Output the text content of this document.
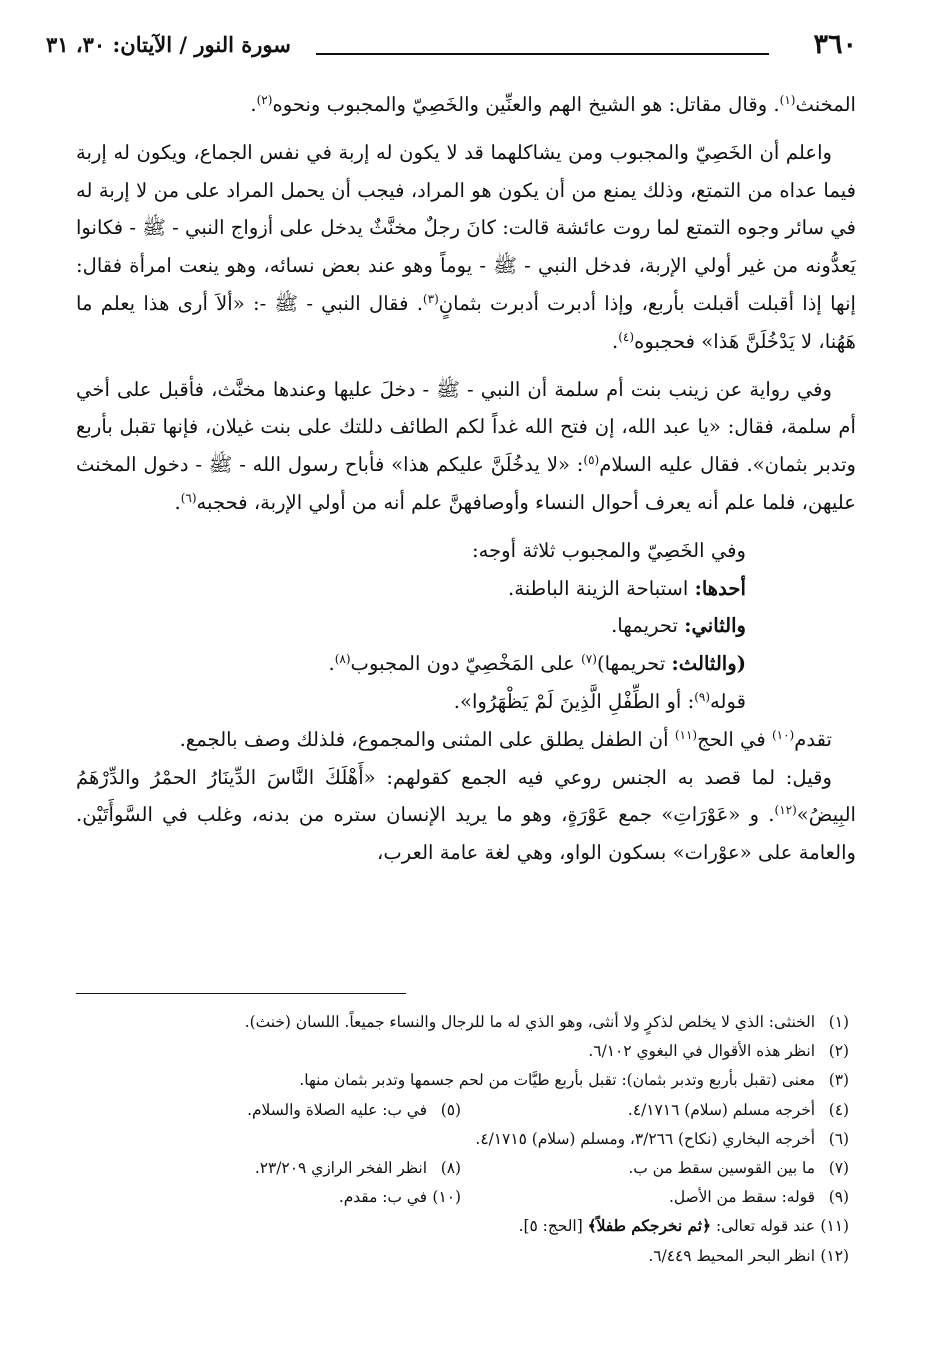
٣٦٠
سورة النور / الآيتان: ٣٠، ٣١

المخنث$^{(١)}$. وقال مقاتل: هو الشيخ الهم والعنِّين والخَصِيّ والمجبوب ونحوه$^{(٢)}$.

واعلم أن الخَصِيّ والمجبوب ومن يشاكلهما قد لا يكون له إربة في نفس الجماع، ويكون له إربة فيما عداه من التمتع، وذلك يمنع من أن يكون هو المراد، فيجب أن يحمل المراد على من لا إربة له في سائر وجوه التمتع لما روت عائشة قالت: كانَ رجلٌ مخنَّثٌ يدخل على أزواج النبي - ﷺ - فكانوا يَعدُّونه من غير أولي الإربة، فدخل النبي - ﷺ - يوماً وهو عند بعض نسائه، وهو ينعت امرأة فقال: إنها إذا أقبلت أقبلت بأربع، وإذا أدبرت أدبرت بثمانٍ$^{(٣)}$. فقال النبي - ﷺ -: «ألاَ أرى هذا يعلم ما هَهُنا، لا يَدْخُلَنَّ هَذا» فحجبوه$^{(٤)}$.

وفي رواية عن زينب بنت أم سلمة أن النبي - ﷺ - دخلَ عليها وعندها مخنَّث، فأقبل على أخي أم سلمة، فقال: «يا عبد الله، إن فتح الله غداً لكم الطائف دللتك على بنت غيلان، فإنها تقبل بأربع وتدبر بثمان». فقال عليه السلام$^{(٥)}$: «لا يدخُلَنَّ عليكم هذا» فأباح رسول الله - ﷺ - دخول المخنث عليهن، فلما علم أنه يعرف أحوال النساء وأوصافهنَّ علم أنه من أولي الإربة، فحجبه$^{(٦)}$.

وفي الخَصِيّ والمجبوب ثلاثة أوجه:

أحدها: استباحة الزينة الباطنة.

والثاني: تحريمها.

(والثالث: تحريمها)$^{(٧)}$ على المَخْصِيّ دون المجبوب$^{(٨)}$.

قوله$^{(٩)}$: أو الطِّفْلِ الَّذِينَ لَمْ يَظْهَرُوا».

تقدم$^{(١٠)}$ في الحج$^{(١١)}$ أن الطفل يطلق على المثنى والمجموع، فلذلك وصف بالجمع.

وقيل: لما قصد به الجنس روعي فيه الجمع كقولهم: «أَهْلَكَ النَّاسَ الدِّينَارُ الحمْرُ والدِّرْهَمُ البِيضُ»$^{(١٢)}$. و «عَوْرَاتِ» جمع عَوْرَةٍ، وهو ما يريد الإنسان ستره من بدنه، وغلب في السَّوأَتَيْن. والعامة على «عوْرات» بسكون الواو، وهي لغة عامة العرب،

(١)الخنثى: الذي لا يخلص لذكرٍ ولا أنثى، وهو الذي له ما للرجال والنساء جميعاً. اللسان (خنث).

(٢)انظر هذه الأقوال في البغوي ٦/١٠٢.

(٣)معنى (تقبل بأربع وتدبر بثمان): تقبل بأربع طيَّات من لحم جسمها وتدبر بثمان منها.

(٤)أخرجه مسلم (سلام) ٤/١٧١٦.(٥)في ب: عليه الصلاة والسلام.

(٦)أخرجه البخاري (نكاح) ٣/٢٦٦، ومسلم (سلام) ٤/١٧١٥.

(٧)ما بين القوسين سقط من ب.(٨)انظر الفخر الرازي ٢٣/٢٠٩.

(٩)قوله: سقط من الأصل.(١٠)في ب: مقدم.

(١١)عند قوله تعالى: ﴿ثم نخرجكم طفلاً﴾ [الحج: ٥].

(١٢)انظر البحر المحيط ٦/٤٤٩.
